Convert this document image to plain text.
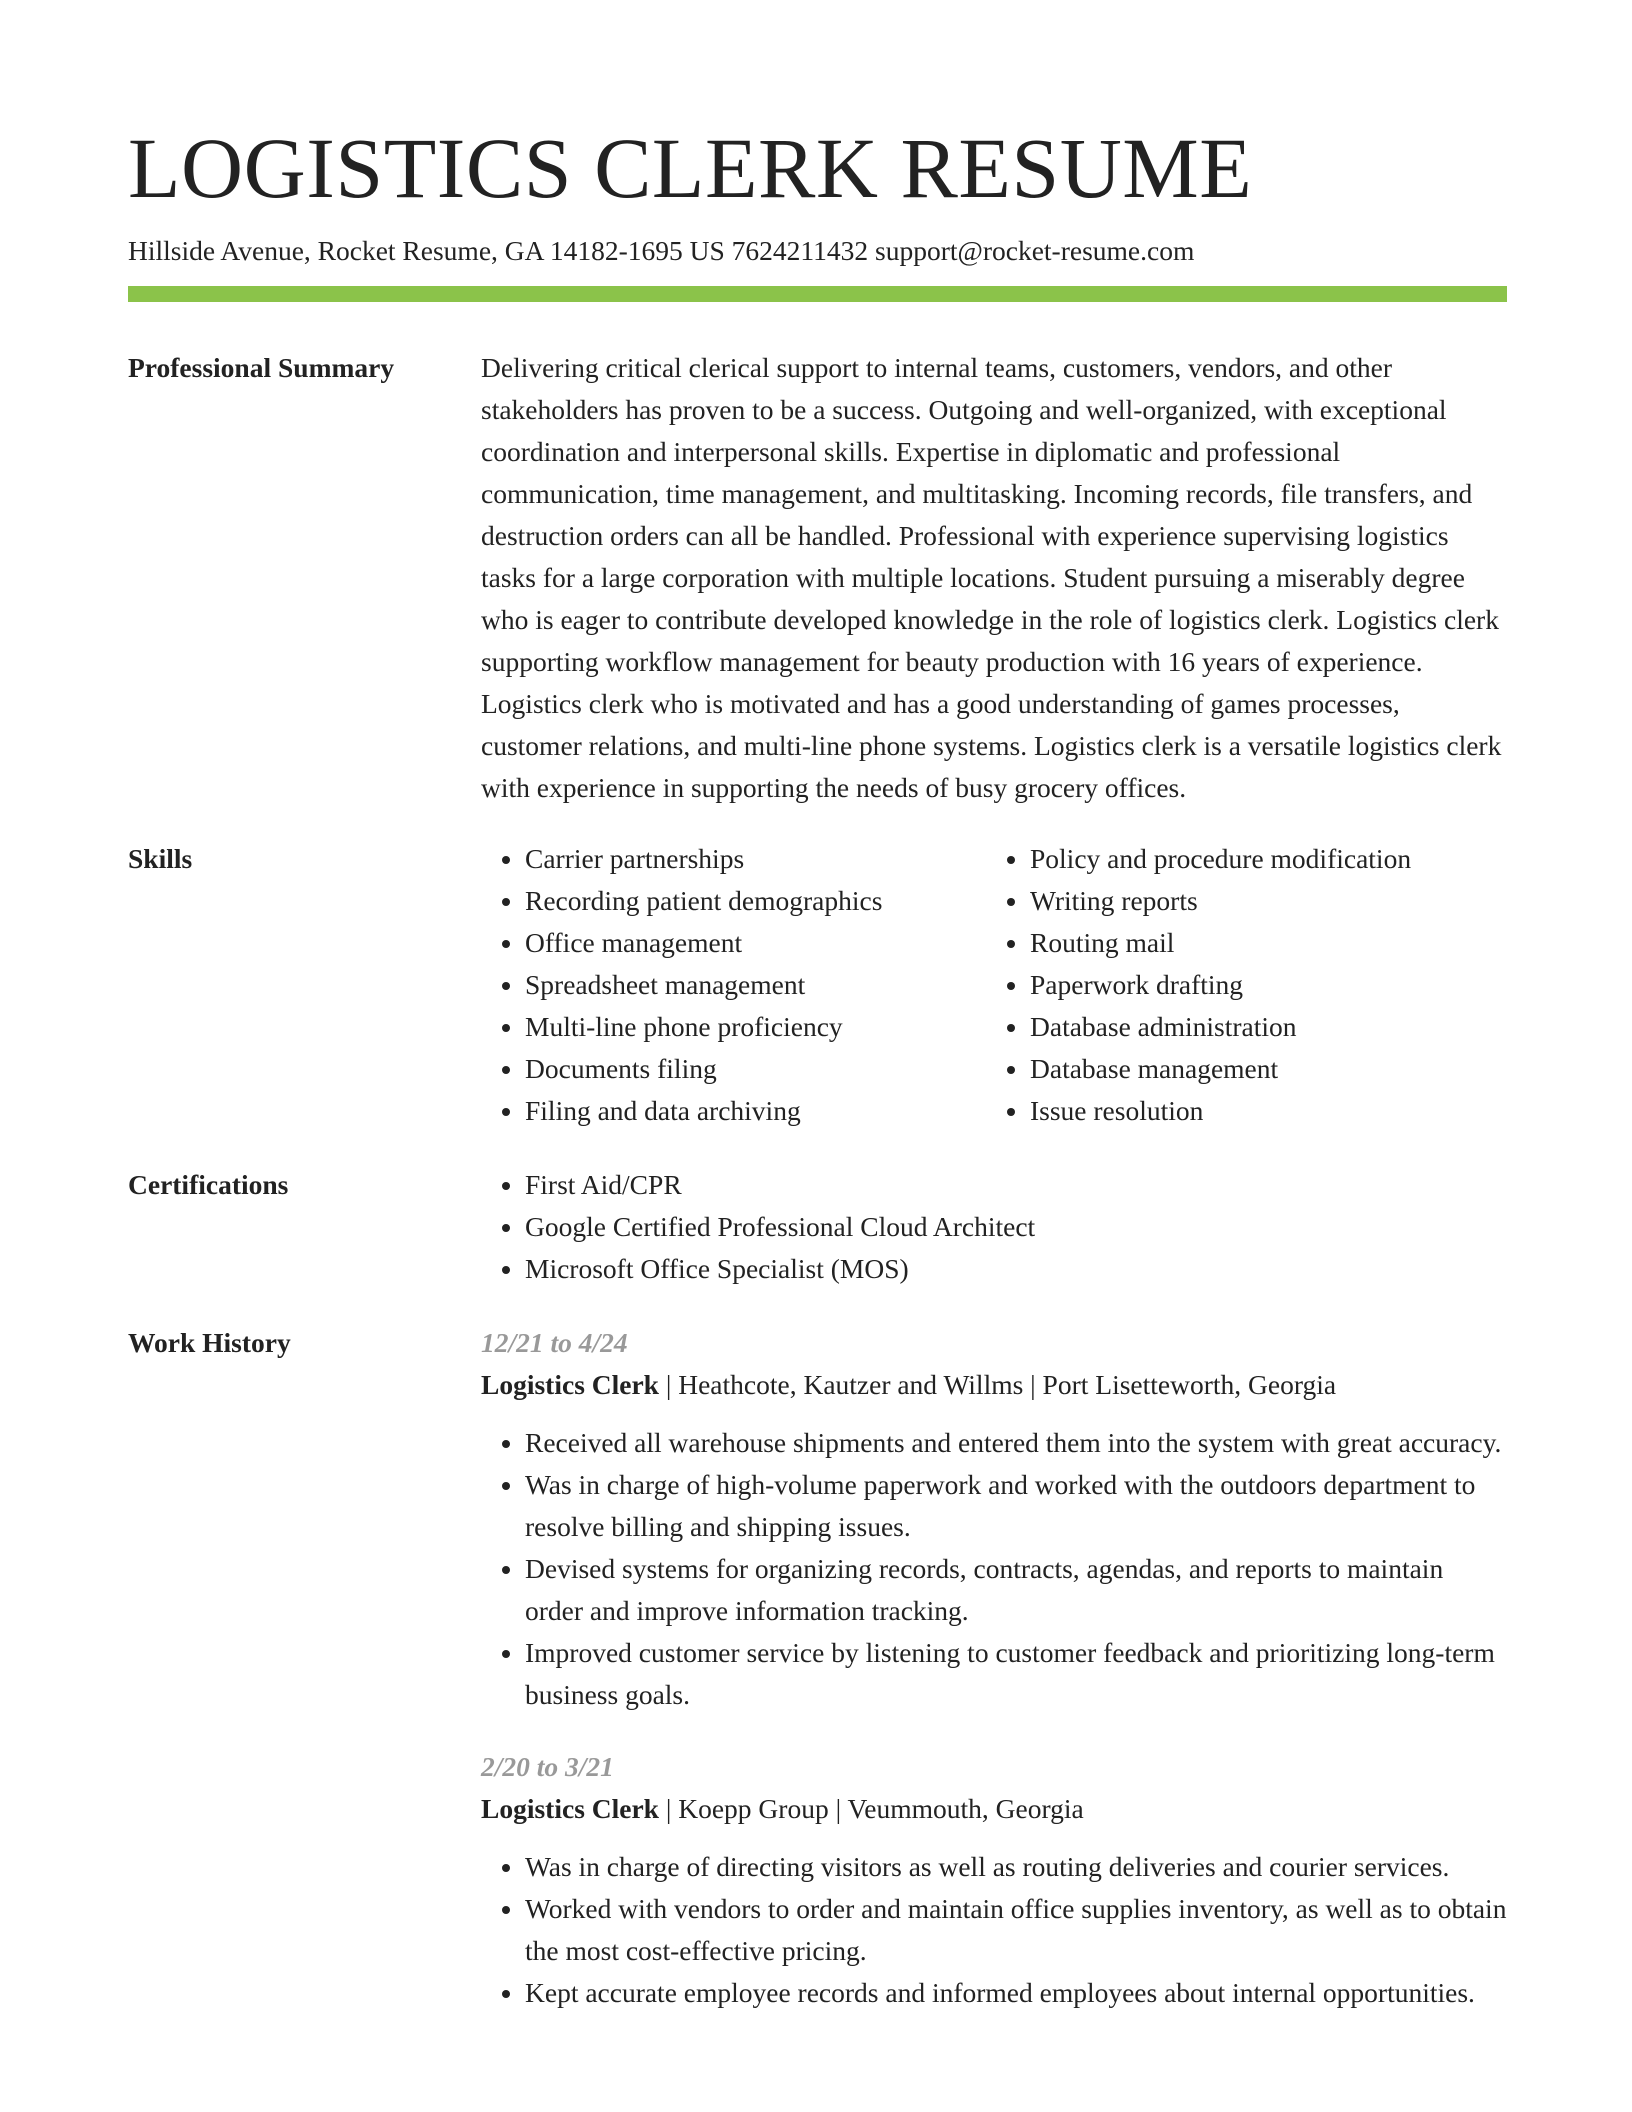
LOGISTICS CLERK RESUME
Hillside Avenue, Rocket Resume, GA 14182-1695 US 7624211432 support@rocket-resume.com
Professional Summary	Delivering critical clerical support to internal teams, customers, vendors, and other stakeholders has proven to be a success. Outgoing and well-organized, with exceptional coordination and interpersonal skills. Expertise in diplomatic and professional communication, time management, and multitasking. Incoming records, file transfers, and destruction orders can all be handled. Professional with experience supervising logistics tasks for a large corporation with multiple locations. Student pursuing a miserably degree who is eager to contribute developed knowledge in the role of logistics clerk. Logistics clerk supporting workflow management for beauty production with 16 years of experience. Logistics clerk who is motivated and has a good understanding of games processes, customer relations, and multi-line phone systems. Logistics clerk is a versatile logistics clerk with experience in supporting the needs of busy grocery offices.

Skills	• Carrier partnerships
• Recording patient demographics
• Office management
• Spreadsheet management
• Multi-line phone proficiency
• Documents filing
• Filing and data archiving
• Policy and procedure modification
• Writing reports
• Routing mail
• Paperwork drafting
• Database administration
• Database management
• Issue resolution
Certifications	• First Aid/CPR
• Google Certified Professional Cloud Architect
• Microsoft Office Specialist (MOS)
Work History	12/21 to 4/24
Logistics Clerk | Heathcote, Kautzer and Willms | Port Lisetteworth, Georgia
• Received all warehouse shipments and entered them into the system with great accuracy.
• Was in charge of high-volume paperwork and worked with the outdoors department to resolve billing and shipping issues.
• Devised systems for organizing records, contracts, agendas, and reports to maintain order and improve information tracking.
• Improved customer service by listening to customer feedback and prioritizing long-term business goals.
2/20 to 3/21
Logistics Clerk | Koepp Group | Veummouth, Georgia
• Was in charge of directing visitors as well as routing deliveries and courier services.
• Worked with vendors to order and maintain office supplies inventory, as well as to obtain the most cost-effective pricing.
• Kept accurate employee records and informed employees about internal opportunities.
